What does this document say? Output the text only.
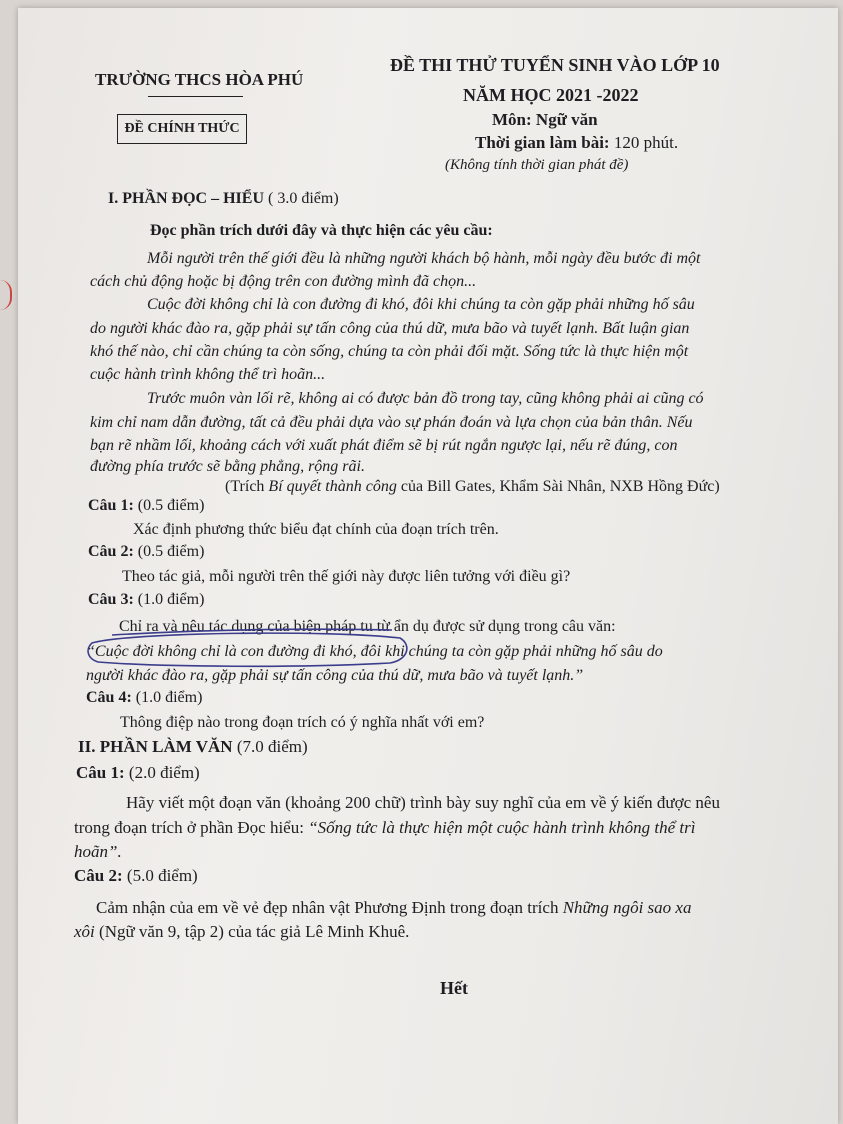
TRƯỜNG THCS HÒA PHÚ
ĐỀ CHÍNH THỨC
ĐỀ THI THỬ TUYỂN SINH VÀO LỚP 10
NĂM HỌC 2021 -2022
Môn: Ngữ văn
Thời gian làm bài: 120 phút.
(Không tính thời gian phát đề)
I. PHẦN ĐỌC – HIỂU ( 3.0 điểm)
Đọc phần trích dưới đây và thực hiện các yêu cầu:
Mỗi người trên thế giới đều là những người khách bộ hành, mỗi ngày đều bước đi một
cách chủ động hoặc bị động trên con đường mình đã chọn...
Cuộc đời không chỉ là con đường đi khó, đôi khi chúng ta còn gặp phải những hố sâu
do người khác đào ra, gặp phải sự tấn công của thú dữ, mưa bão và tuyết lạnh. Bất luận gian
khó thế nào, chỉ cần chúng ta còn sống, chúng ta còn phải đối mặt. Sống tức là thực hiện một
cuộc hành trình không thể trì hoãn...
Trước muôn vàn lối rẽ, không ai có được bản đồ trong tay, cũng không phải ai cũng có
kim chỉ nam dẫn đường, tất cả đều phải dựa vào sự phán đoán và lựa chọn của bản thân. Nếu
bạn rẽ nhầm lối, khoảng cách với xuất phát điểm sẽ bị rút ngắn ngược lại, nếu rẽ đúng, con
đường phía trước sẽ bằng phẳng, rộng rãi.
(Trích Bí quyết thành công của Bill Gates, Khẩm Sài Nhân, NXB Hồng Đức)
Câu 1: (0.5 điểm)
Xác định phương thức biểu đạt chính của đoạn trích trên.
Câu 2: (0.5 điểm)
Theo tác giả, mỗi người trên thế giới này được liên tưởng với điều gì?
Câu 3: (1.0 điểm)
Chỉ ra và nêu tác dụng của biện pháp tu từ ẩn dụ được sử dụng trong câu văn:
“Cuộc đời không chỉ là con đường đi khó, đôi khi chúng ta còn gặp phải những hố sâu do
người khác đào ra, gặp phải sự tấn công của thú dữ, mưa bão và tuyết lạnh.”
Câu 4: (1.0 điểm)
Thông điệp nào trong đoạn trích có ý nghĩa nhất với em?
II. PHẦN LÀM VĂN (7.0 điểm)
Câu 1: (2.0 điểm)
Hãy viết một đoạn văn (khoảng 200 chữ) trình bày suy nghĩ của em về ý kiến được nêu
trong đoạn trích ở phần Đọc hiểu: “Sống tức là thực hiện một cuộc hành trình không thể trì
hoãn”.
Câu 2: (5.0 điểm)
Cảm nhận của em về vẻ đẹp nhân vật Phương Định trong đoạn trích Những ngôi sao xa
xôi (Ngữ văn 9, tập 2) của tác giả Lê Minh Khuê.
Hết
